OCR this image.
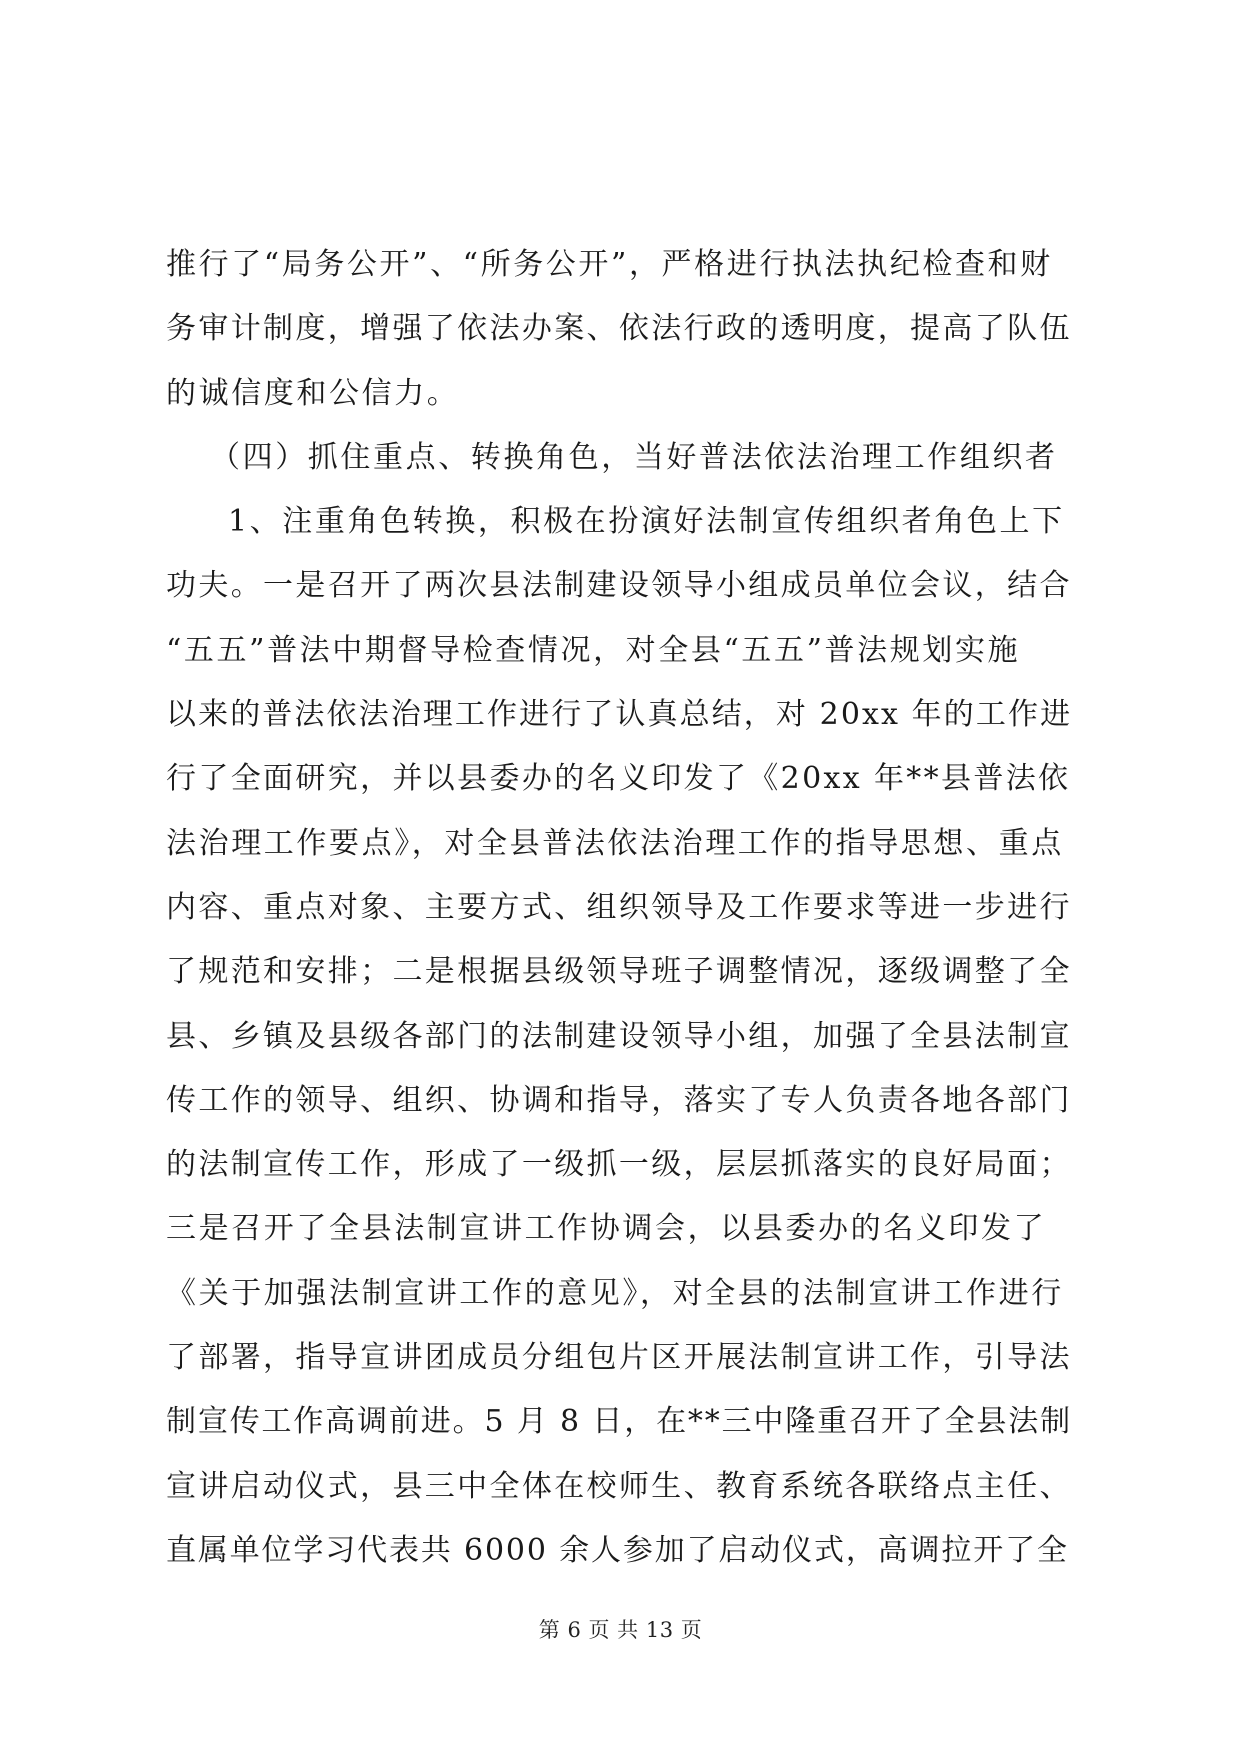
推行了“局务公开”、“所务公开”，严格进行执法执纪检查和财
务审计制度，增强了依法办案、依法行政的透明度，提高了队伍
的诚信度和公信力。
（四）抓住重点、转换角色，当好普法依法治理工作组织者
1、注重角色转换，积极在扮演好法制宣传组织者角色上下
功夫。一是召开了两次县法制建设领导小组成员单位会议，结合
“五五”普法中期督导检查情况，对全县“五五”普法规划实施
以来的普法依法治理工作进行了认真总结，对 20xx 年的工作进
行了全面研究，并以县委办的名义印发了《20xx 年**县普法依
法治理工作要点》，对全县普法依法治理工作的指导思想、重点
内容、重点对象、主要方式、组织领导及工作要求等进一步进行
了规范和安排；二是根据县级领导班子调整情况，逐级调整了全
县、乡镇及县级各部门的法制建设领导小组，加强了全县法制宣
传工作的领导、组织、协调和指导，落实了专人负责各地各部门
的法制宣传工作，形成了一级抓一级，层层抓落实的良好局面；
三是召开了全县法制宣讲工作协调会，以县委办的名义印发了
《关于加强法制宣讲工作的意见》，对全县的法制宣讲工作进行
了部署，指导宣讲团成员分组包片区开展法制宣讲工作，引导法
制宣传工作高调前进。5 月 8 日，在**三中隆重召开了全县法制
宣讲启动仪式，县三中全体在校师生、教育系统各联络点主任、
直属单位学习代表共 6000 余人参加了启动仪式，高调拉开了全
第 6 页 共 13 页
